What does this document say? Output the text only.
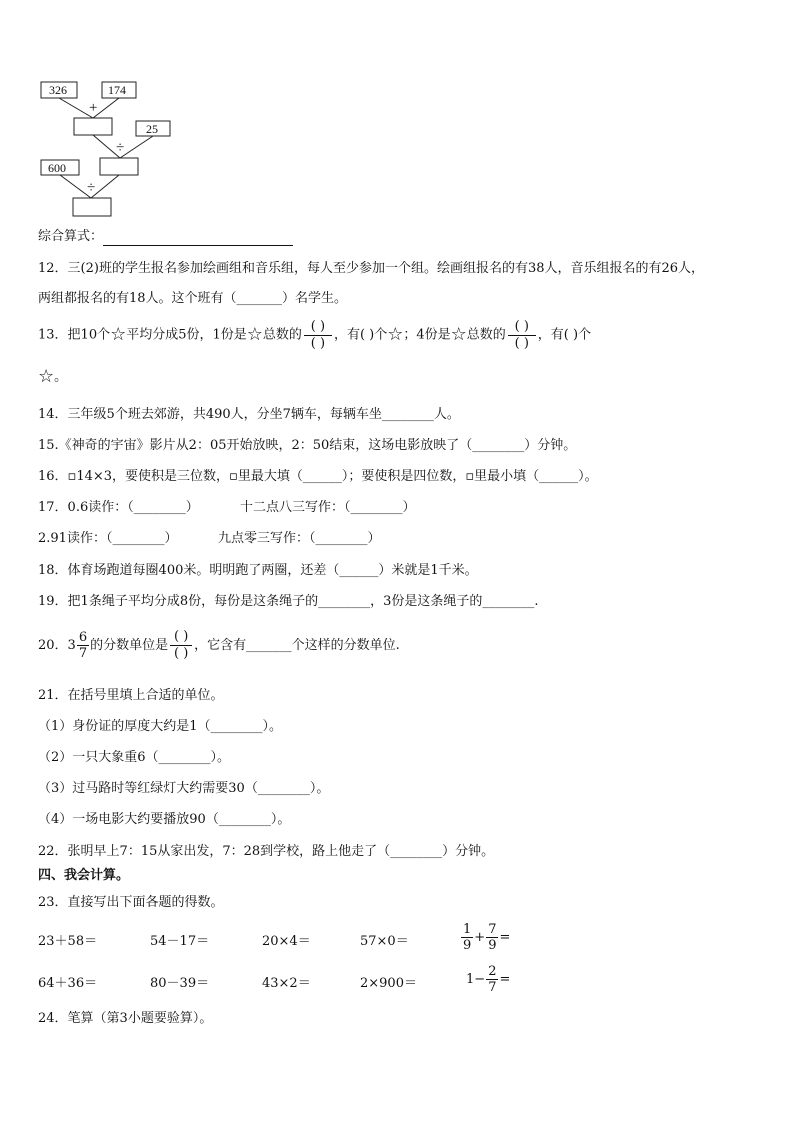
326	174
+
25
÷
600
÷
综合算式：
12．三(2)班的学生报名参加绘画组和音乐组，每人至少参加一个组。绘画组报名的有38人，音乐组报名的有26人，
两组都报名的有18人。这个班有（_______）名学生。
13．把10个☆平均分成5份，1份是☆总数的
( )
( )
，有( )个☆；4份是☆总数的
( )
( )
，有( )个
☆。
14．三年级5个班去郊游，共490人，分坐7辆车，每辆车坐________人。
15.《神奇的宇宙》影片从2：05开始放映，2：50结束，这场电影放映了（________）分钟。
16．▫14×3，要使积是三位数，▫里最大填（______）；要使积是四位数，▫里最小填（______）。
17．0.6读作：（________）	十二点八三写作：（________）
2.91读作：（________）	九点零三写作：（________）
18．体育场跑道每圈400米。明明跑了两圈，还差（______）米就是1千米。
19．把1条绳子平均分成8份，每份是这条绳子的________，3份是这条绳子的________.
20．$3 \frac{6}{7}$ 的分数单位是
( )
( )
，它含有_______个这样的分数单位.
21．在括号里填上合适的单位。
（1）身份证的厚度大约是1（________）。
（2）一只大象重6（________）。
（3）过马路时等红绿灯大约需要30（________）。
（4）一场电影大约要播放90（________）。
22．张明早上7：15从家出发，7：28到学校，路上他走了（________）分钟。
四、我会计算。
23．直接写出下面各题的得数。
23＋58＝	54－17＝	20×4＝	57×0＝	$\frac{1}{9} + \frac{7}{9}$ =
64＋36＝	80－39＝	43×2＝	2×900＝	$1- \frac{2}{7}$ =
24．笔算（第3小题要验算）。
